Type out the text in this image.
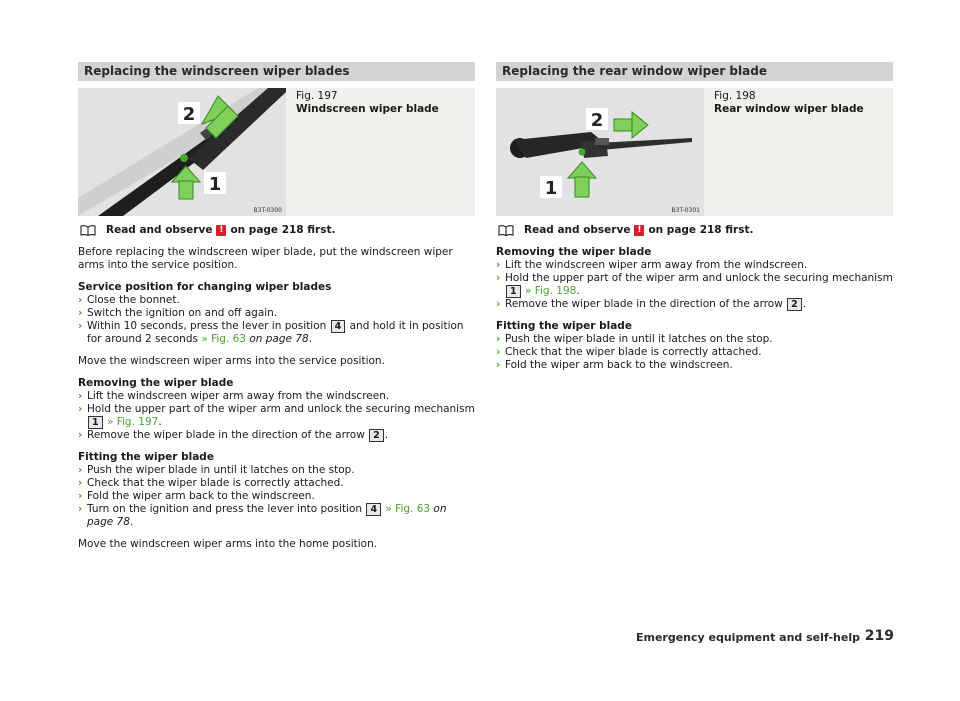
Replacing the windscreen wiper blades
2
1
B3T-0300
Fig. 197
Windscreen wiper blade
Read and observe ! on page 218 first.

Before replacing the windscreen wiper blade, put the windscreen wiper arms into the service position.

Service position for changing wiper blades

› Close the bonnet.
› Switch the ignition on and off again.
› Within 10 seconds, press the lever in position 4 and hold it in position for around 2 seconds » Fig. 63 on page 78.

Move the windscreen wiper arms into the service position.

Removing the wiper blade

› Lift the windscreen wiper arm away from the windscreen.
› Hold the upper part of the wiper arm and unlock the securing mechanism 1 » Fig. 197.
› Remove the wiper blade in the direction of the arrow 2 .

Fitting the wiper blade

› Push the wiper blade in until it latches on the stop.
› Check that the wiper blade is correctly attached.
› Fold the wiper arm back to the windscreen.
› Turn on the ignition and press the lever into position 4 » Fig. 63 on page 78.

Move the windscreen wiper arms into the home position.

Replacing the rear window wiper blade
2
1
B3T-0301
Fig. 198
Rear window wiper blade
Read and observe ! on page 218 first.

Removing the wiper blade

› Lift the windscreen wiper arm away from the windscreen.
› Hold the upper part of the wiper arm and unlock the securing mechanism 1 » Fig. 198.
› Remove the wiper blade in the direction of the arrow 2 .

Fitting the wiper blade

› Push the wiper blade in until it latches on the stop.
› Check that the wiper blade is correctly attached.
› Fold the wiper arm back to the windscreen.
Emergency equipment and self-help 219
